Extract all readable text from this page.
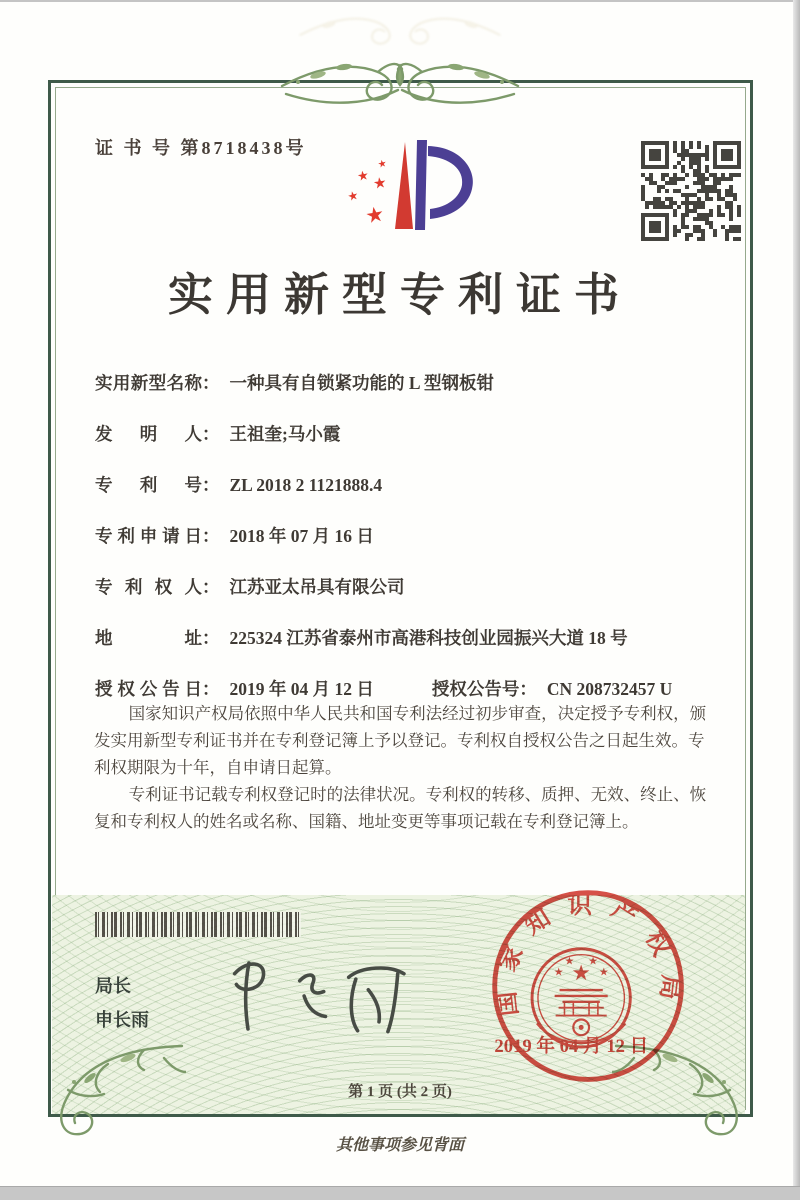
证 书 号 第8718438号
★
★ ★
★
★
实用新型专利证书
实用新型名称： 一种具有自锁紧功能的 L 型钢板钳
发明人： 王祖奎;马小霞
专利号： ZL 2018 2 1121888.4
专利申请日： 2018 年 07 月 16 日
专利权人： 江苏亚太吊具有限公司
地址： 225324 江苏省泰州市高港科技创业园振兴大道 18 号
授权公告日： 2019 年 04 月 12 日	授权公告号： CN 208732457 U

国家知识产权局依照中华人民共和国专利法经过初步审查，决定授予专利权，颁发实用新型专利证书并在专利登记簿上予以登记。专利权自授权公告之日起生效。专利权期限为十年，自申请日起算。

专利证书记载专利权登记时的法律状况。专利权的转移、质押、无效、终止、恢复和专利权人的姓名或名称、国籍、地址变更等事项记载在专利登记簿上。

局长
申长雨
国家知识产权局
★
★
★ ★
★
2019 年 04 月 12 日
第 1 页 (共 2 页)
其他事项参见背面
